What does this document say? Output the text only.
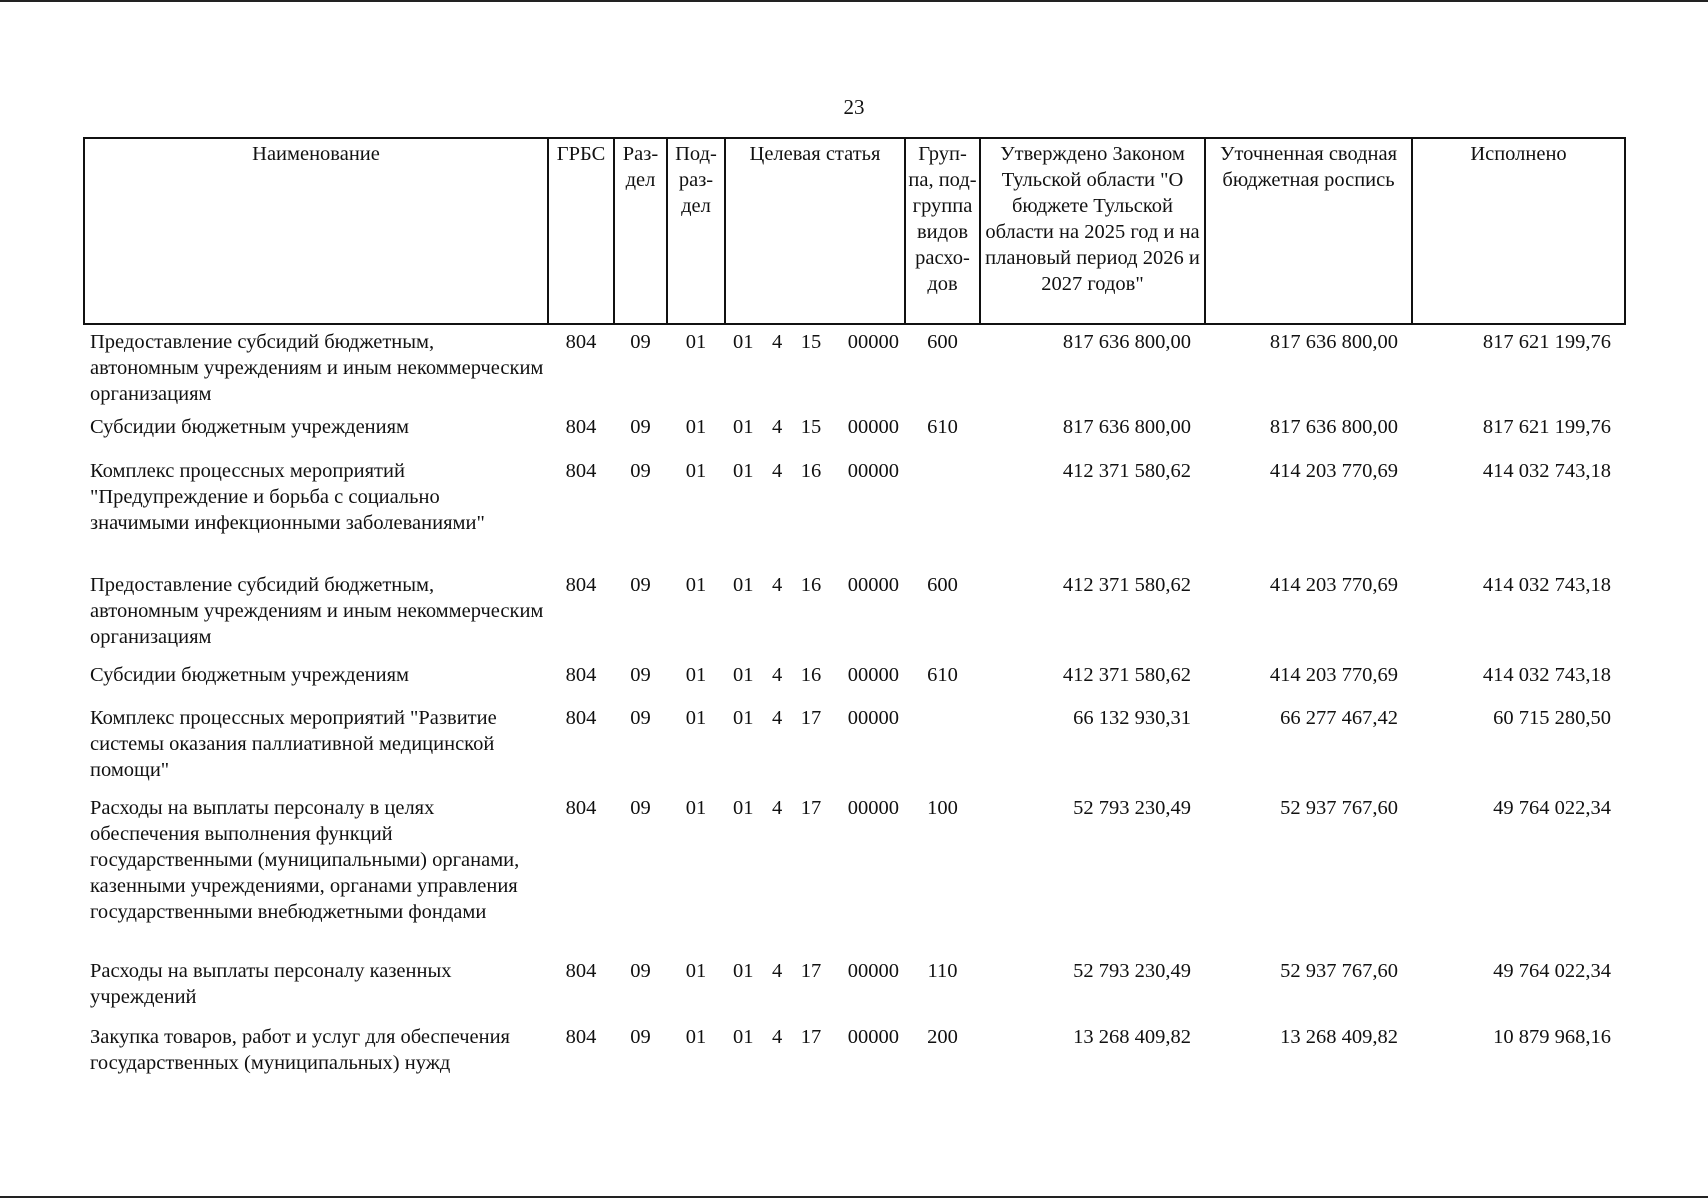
23
Наименование	ГРБС	Раз-дел	Под-раз-дел	Целевая статья	Груп-па, под-группа видов расхо-дов	Утверждено Законом Тульской области "О бюджете Тульской области на 2025 год и на плановый период 2026 и 2027 годов"	Уточненная сводная бюджетная роспись	Исполнено
Предоставление субсидий бюджетным, автономным учреждениям и иным некоммерческим организациям	804	09	01	01 4 15 00000	600	817 636 800,00	817 636 800,00	817 621 199,76
Субсидии бюджетным учреждениям	804	09	01	01 4 15 00000	610	817 636 800,00	817 636 800,00	817 621 199,76
Комплекс процессных мероприятий "Предупреждение и борьба с социально значимыми инфекционными заболеваниями"	804	09	01	01 4 16 00000		412 371 580,62	414 203 770,69	414 032 743,18
Предоставление субсидий бюджетным, автономным учреждениям и иным некоммерческим организациям	804	09	01	01 4 16 00000	600	412 371 580,62	414 203 770,69	414 032 743,18
Субсидии бюджетным учреждениям	804	09	01	01 4 16 00000	610	412 371 580,62	414 203 770,69	414 032 743,18
Комплекс процессных мероприятий "Развитие системы оказания паллиативной медицинской помощи"	804	09	01	01 4 17 00000		66 132 930,31	66 277 467,42	60 715 280,50
Расходы на выплаты персоналу в целях обеспечения выполнения функций государственными (муниципальными) органами, казенными учреждениями, органами управления государственными внебюджетными фондами	804	09	01	01 4 17 00000	100	52 793 230,49	52 937 767,60	49 764 022,34
Расходы на выплаты персоналу казенных учреждений	804	09	01	01 4 17 00000	110	52 793 230,49	52 937 767,60	49 764 022,34
Закупка товаров, работ и услуг для обеспечения государственных (муниципальных) нужд	804	09	01	01 4 17 00000	200	13 268 409,82	13 268 409,82	10 879 968,16
